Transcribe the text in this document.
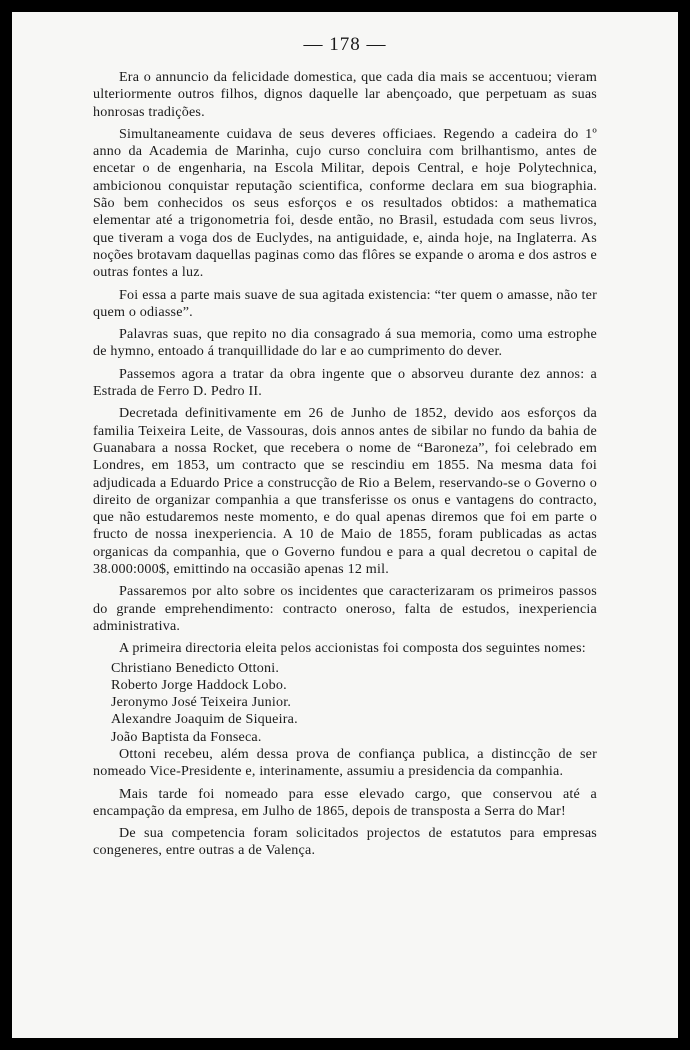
— 178 —

Era o annuncio da felicidade domestica, que cada dia mais se accentuou; vieram ulteriormente outros filhos, dignos daquelle lar abençoado, que perpetuam as suas honrosas tradições.

Simultaneamente cuidava de seus deveres officiaes. Regendo a cadeira do 1º anno da Academia de Marinha, cujo curso concluira com brilhantismo, antes de encetar o de engenharia, na Escola Militar, depois Central, e hoje Polytechnica, ambicionou conquistar reputação scientifica, conforme declara em sua biographia. São bem conhecidos os seus esforços e os resultados obtidos: a mathematica elementar até a trigonometria foi, desde então, no Brasil, estudada com seus livros, que tiveram a voga dos de Euclydes, na antiguidade, e, ainda hoje, na Inglaterra. As noções brotavam daquellas paginas como das flôres se expande o aroma e dos astros e outras fontes a luz.

Foi essa a parte mais suave de sua agitada existencia: “ter quem o amasse, não ter quem o odiasse”.

Palavras suas, que repito no dia consagrado á sua memoria, como uma estrophe de hymno, entoado á tranquillidade do lar e ao cumprimento do dever.

Passemos agora a tratar da obra ingente que o absorveu durante dez annos: a Estrada de Ferro D. Pedro II.

Decretada definitivamente em 26 de Junho de 1852, devido aos esforços da familia Teixeira Leite, de Vassouras, dois annos antes de sibilar no fundo da bahia de Guanabara a nossa Rocket, que recebera o nome de “Baroneza”, foi celebrado em Londres, em 1853, um contracto que se rescindiu em 1855. Na mesma data foi adjudicada a Eduardo Price a construcção de Rio a Belem, reservando-se o Governo o direito de organizar companhia a que transferisse os onus e vantagens do contracto, que não estudaremos neste momento, e do qual apenas diremos que foi em parte o fructo de nossa inexperiencia. A 10 de Maio de 1855, foram publicadas as actas organicas da companhia, que o Governo fundou e para a qual decretou o capital de 38.000:000$, emittindo na occasião apenas 12 mil.

Passaremos por alto sobre os incidentes que caracterizaram os primeiros passos do grande emprehendimento: contracto oneroso, falta de estudos, inexperiencia administrativa.

A primeira directoria eleita pelos accionistas foi composta dos seguintes nomes:

Christiano Benedicto Ottoni.
Roberto Jorge Haddock Lobo.
Jeronymo José Teixeira Junior.
Alexandre Joaquim de Siqueira.
João Baptista da Fonseca.

Ottoni recebeu, além dessa prova de confiança publica, a distincção de ser nomeado Vice-Presidente e, interinamente, assumiu a presidencia da companhia.

Mais tarde foi nomeado para esse elevado cargo, que conservou até a encampação da empresa, em Julho de 1865, depois de transposta a Serra do Mar!

De sua competencia foram solicitados projectos de estatutos para empresas congeneres, entre outras a de Valença.
